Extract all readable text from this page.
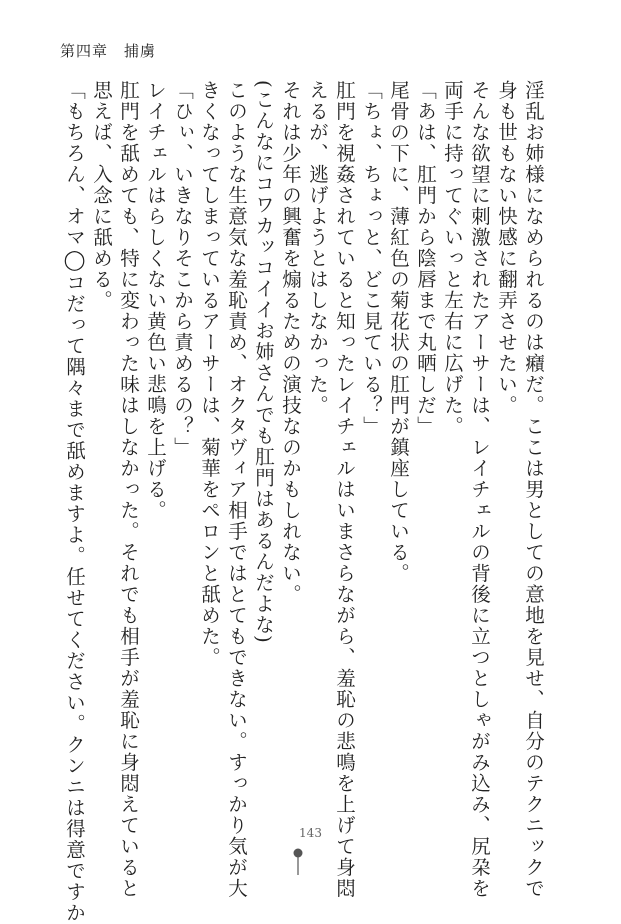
第四章　捕虜
淫乱お姉様になめられるのは癪だ。ここは男としての意地を見せ、自分のテクニックで
身も世もない快感に翻弄させたい。
そんな欲望に刺激されたアーサーは、レイチェルの背後に立つとしゃがみ込み、尻朶を
両手に持ってぐいっと左右に広げた。
「あは、肛門から陰唇まで丸晒しだ」
尾骨の下に、薄紅色の菊花状の肛門が鎮座している。
「ちょ、ちょっと、どこ見ている？」
肛門を視姦されていると知ったレイチェルはいまさらながら、羞恥の悲鳴を上げて身悶
えるが、逃げようとはしなかった。
それは少年の興奮を煽るための演技なのかもしれない。
(こんなにコワカッコイイお姉さんでも肛門はあるんだよな)
このような生意気な羞恥責め、オクタヴィア相手ではとてもできない。すっかり気が大
きくなってしまっているアーサーは、菊華をペロンと舐めた。
「ひぃ、いきなりそこから責めるの？」
レイチェルはらしくない黄色い悲鳴を上げる。
肛門を舐めても、特に変わった味はしなかった。それでも相手が羞恥に身悶えていると
思えば、入念に舐める。
「もちろん、オマ◯コだって隅々まで舐めますよ。任せてください。クンニは得意ですか	143
